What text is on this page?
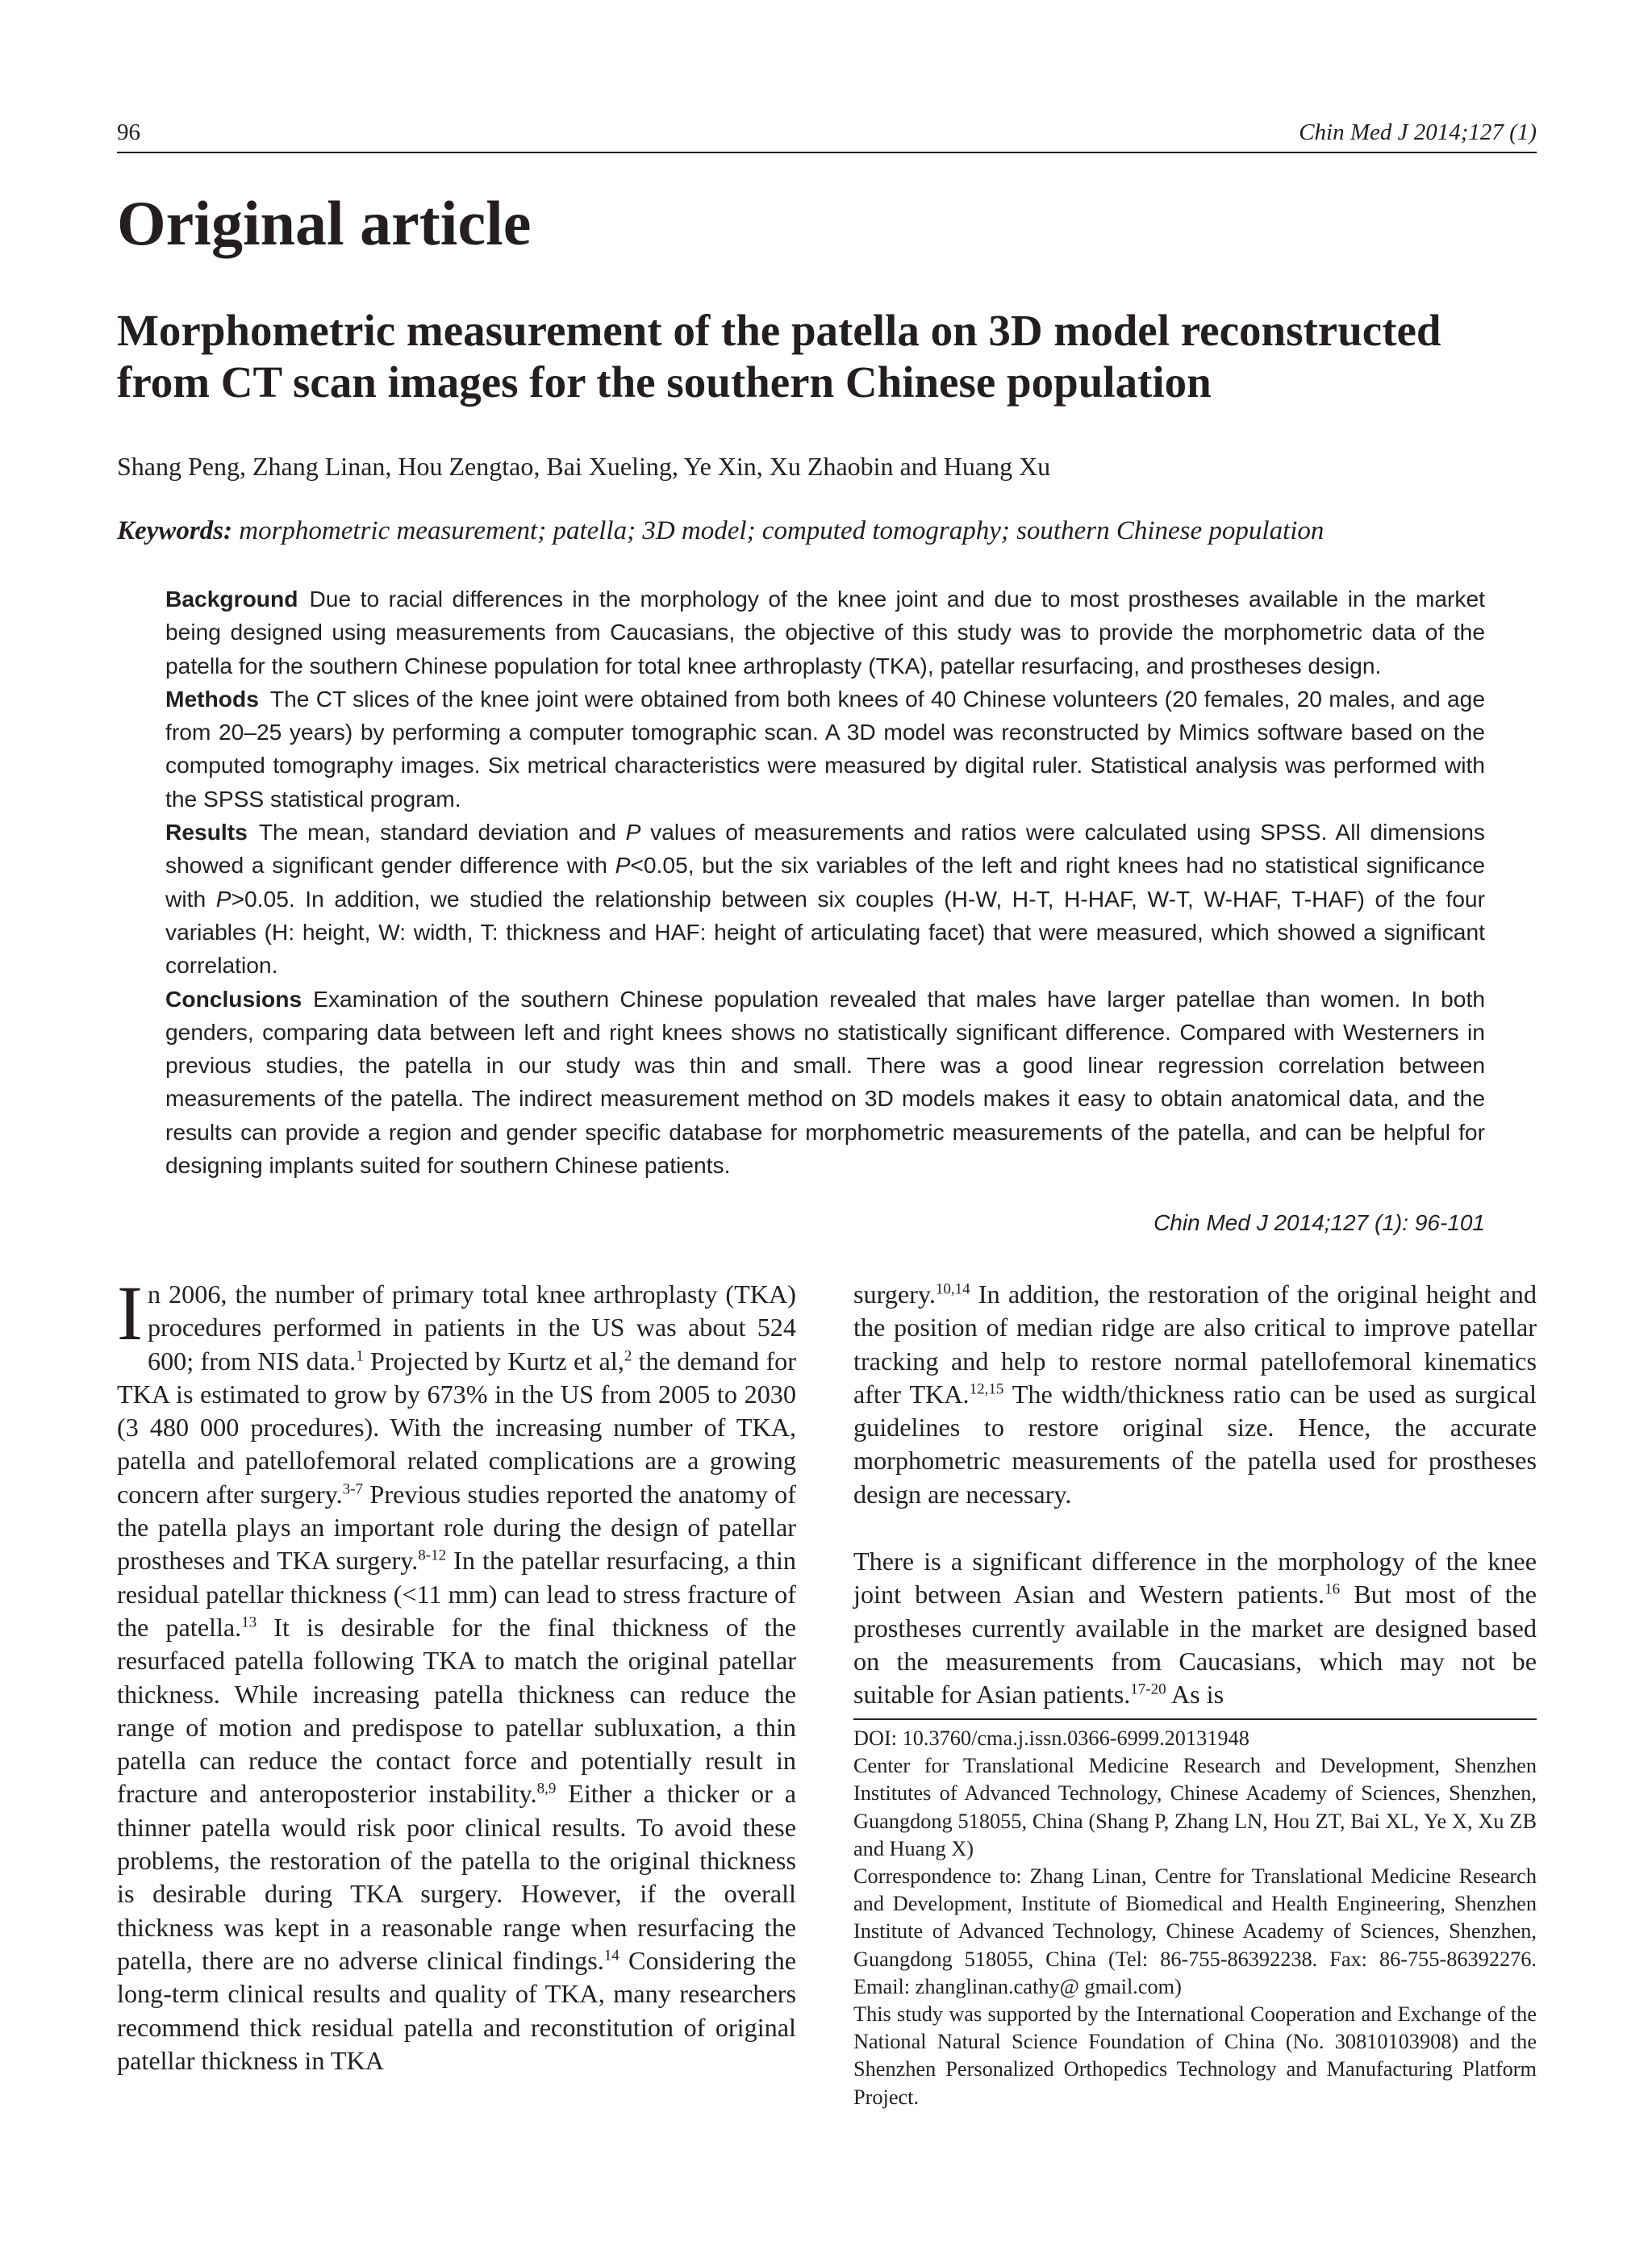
96	Chin Med J 2014;127 (1)
Original article
Morphometric measurement of the patella on 3D model reconstructed
from CT scan images for the southern Chinese population
Shang Peng, Zhang Linan, Hou Zengtao, Bai Xueling, Ye Xin, Xu Zhaobin and Huang Xu
Keywords: morphometric measurement; patella; 3D model; computed tomography; southern Chinese population

Background Due to racial differences in the morphology of the knee joint and due to most prostheses available in the market being designed using measurements from Caucasians, the objective of this study was to provide the morphometric data of the patella for the southern Chinese population for total knee arthroplasty (TKA), patellar resurfacing, and prostheses design.

Methods The CT slices of the knee joint were obtained from both knees of 40 Chinese volunteers (20 females, 20 males, and age from 20–25 years) by performing a computer tomographic scan. A 3D model was reconstructed by Mimics software based on the computed tomography images. Six metrical characteristics were measured by digital ruler. Statistical analysis was performed with the SPSS statistical program.

Results The mean, standard deviation and P values of measurements and ratios were calculated using SPSS. All dimensions showed a significant gender difference with P<0.05, but the six variables of the left and right knees had no statistical significance with P>0.05. In addition, we studied the relationship between six couples (H-W, H-T, H-HAF, W-T, W-HAF, T-HAF) of the four variables (H: height, W: width, T: thickness and HAF: height of articulating facet) that were measured, which showed a significant correlation.

Conclusions Examination of the southern Chinese population revealed that males have larger patellae than women. In both genders, comparing data between left and right knees shows no statistically significant difference. Compared with Westerners in previous studies, the patella in our study was thin and small. There was a good linear regression correlation between measurements of the patella. The indirect measurement method on 3D models makes it easy to obtain anatomical data, and the results can provide a region and gender specific database for morphometric measurements of the patella, and can be helpful for designing implants suited for southern Chinese patients.

Chin Med J 2014;127 (1): 96-101

In 2006, the number of primary total knee arthroplasty (TKA) procedures performed in patients in the US was about 524 600; from NIS data.$^1$ Projected by Kurtz et al,$^2$ the demand for TKA is estimated to grow by 673% in the US from 2005 to 2030 (3 480 000 procedures). With the increasing number of TKA, patella and patellofemoral related complications are a growing concern after surgery.$^{3-7}$ Previous studies reported the anatomy of the patella plays an important role during the design of patellar prostheses and TKA surgery.$^{8-12}$ In the patellar resurfacing, a thin residual patellar thickness (<11 mm) can lead to stress fracture of the patella.$^{13}$ It is desirable for the final thickness of the resurfaced patella following TKA to match the original patellar thickness. While increasing patella thickness can reduce the range of motion and predispose to patellar subluxation, a thin patella can reduce the contact force and potentially result in fracture and anteroposterior instability.$^{8,9}$ Either a thicker or a thinner patella would risk poor clinical results. To avoid these problems, the restoration of the patella to the original thickness is desirable during TKA surgery. However, if the overall thickness was kept in a reasonable range when resurfacing the patella, there are no adverse clinical findings.$^{14}$ Considering the long-term clinical results and quality of TKA, many researchers recommend thick residual patella and reconstitution of original patellar thickness in TKA

surgery.$^{10,14}$ In addition, the restoration of the original height and the position of median ridge are also critical to improve patellar tracking and help to restore normal patellofemoral kinematics after TKA.$^{12,15}$ The width/thickness ratio can be used as surgical guidelines to restore original size. Hence, the accurate morphometric measurements of the patella used for prostheses design are necessary.

There is a significant difference in the morphology of the knee joint between Asian and Western patients.$^{16}$ But most of the prostheses currently available in the market are designed based on the measurements from Caucasians, which may not be suitable for Asian patients.$^{17-20}$ As is

DOI: 10.3760/cma.j.issn.0366-6999.20131948

Center for Translational Medicine Research and Development, Shenzhen Institutes of Advanced Technology, Chinese Academy of Sciences, Shenzhen, Guangdong 518055, China (Shang P, Zhang LN, Hou ZT, Bai XL, Ye X, Xu ZB and Huang X)

Correspondence to: Zhang Linan, Centre for Translational Medicine Research and Development, Institute of Biomedical and Health Engineering, Shenzhen Institute of Advanced Technology, Chinese Academy of Sciences, Shenzhen, Guangdong 518055, China (Tel: 86-755-86392238. Fax: 86-755-86392276. Email: zhanglinan.cathy@ gmail.com)

This study was supported by the International Cooperation and Exchange of the National Natural Science Foundation of China (No. 30810103908) and the Shenzhen Personalized Orthopedics Technology and Manufacturing Platform Project.
